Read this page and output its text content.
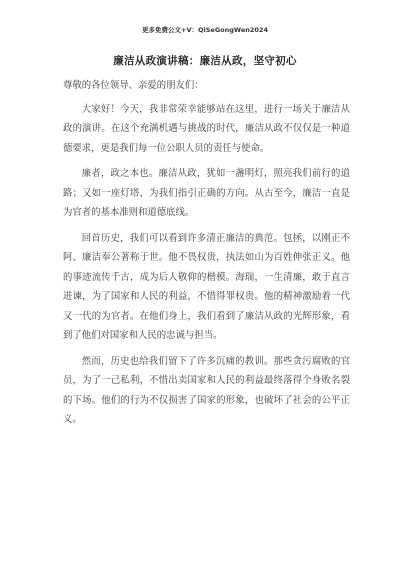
更多免费公文+V：QiSeGongWen2024
廉洁从政演讲稿：廉洁从政，坚守初心

尊敬的各位领导、亲爱的朋友们：

大家好！今天，我非常荣幸能够站在这里，进行一场关于廉洁从政的演讲。在这个充满机遇与挑战的时代，廉洁从政不仅仅是一种道德要求，更是我们每一位公职人员的责任与使命。

廉者，政之本也。廉洁从政，犹如一盏明灯，照亮我们前行的道路；又如一座灯塔，为我们指引正确的方向。从古至今，廉洁一直是为官者的基本准则和道德底线。

回首历史，我们可以看到许多清正廉洁的典范。包拯，以刚正不阿、廉洁奉公著称于世。他不畏权贵，执法如山为百姓伸张正义。他的事迹流传千古，成为后人敬仰的楷模。海瑞，一生清廉，敢于直言进谏，为了国家和人民的利益，不惜得罪权贵。他的精神激励着一代又一代的为官者。在他们身上，我们看到了廉洁从政的光辉形象，看到了他们对国家和人民的忠诚与担当。

然而，历史也给我们留下了许多沉痛的教训。那些贪污腐败的官员，为了一己私利，不惜出卖国家和人民的利益最终落得个身败名裂的下场。他们的行为不仅损害了国家的形象，也破坏了社会的公平正义。
